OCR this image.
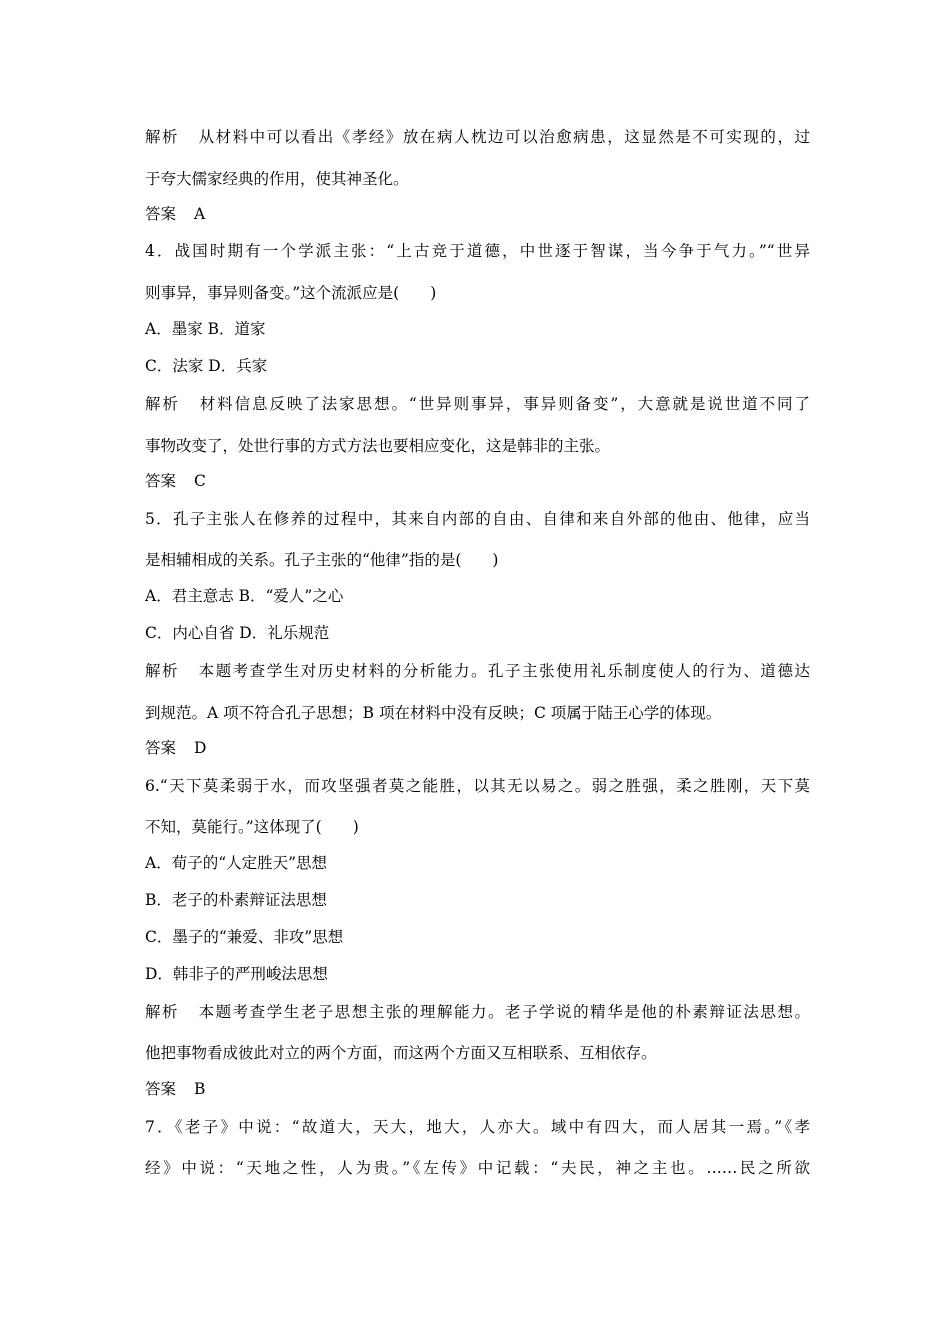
解析 从材料中可以看出《孝经》放在病人枕边可以治愈病患，这显然是不可实现的，过
于夸大儒家经典的作用，使其神圣化。
答案 A
4．战国时期有一个学派主张：“上古竞于道德，中世逐于智谋，当今争于气力。”“世异
则事异，事异则备变。”这个流派应是(　　)
A．墨家 B．道家
C．法家 D．兵家
解析 材料信息反映了法家思想。“世异则事异，事异则备变”，大意就是说世道不同了
事物改变了，处世行事的方式方法也要相应变化，这是韩非的主张。
答案 C
5．孔子主张人在修养的过程中，其来自内部的自由、自律和来自外部的他由、他律，应当
是相辅相成的关系。孔子主张的“他律”指的是(　　)
A．君主意志 B．“爱人”之心
C．内心自省 D．礼乐规范
解析 本题考查学生对历史材料的分析能力。孔子主张使用礼乐制度使人的行为、道德达
到规范。A 项不符合孔子思想；B 项在材料中没有反映；C 项属于陆王心学的体现。
答案 D
6.“天下莫柔弱于水，而攻坚强者莫之能胜，以其无以易之。弱之胜强，柔之胜刚，天下莫
不知，莫能行。”这体现了(　　)
A．荀子的“人定胜天”思想
B．老子的朴素辩证法思想
C．墨子的“兼爱、非攻”思想
D．韩非子的严刑峻法思想
解析 本题考查学生老子思想主张的理解能力。老子学说的精华是他的朴素辩证法思想。
他把事物看成彼此对立的两个方面，而这两个方面又互相联系、互相依存。
答案 B
7．《老子》中说：“故道大，天大，地大，人亦大。域中有四大，而人居其一焉。”《孝
经》中说：“天地之性，人为贵。”《左传》中记载：“夫民，神之主也。……民之所欲
